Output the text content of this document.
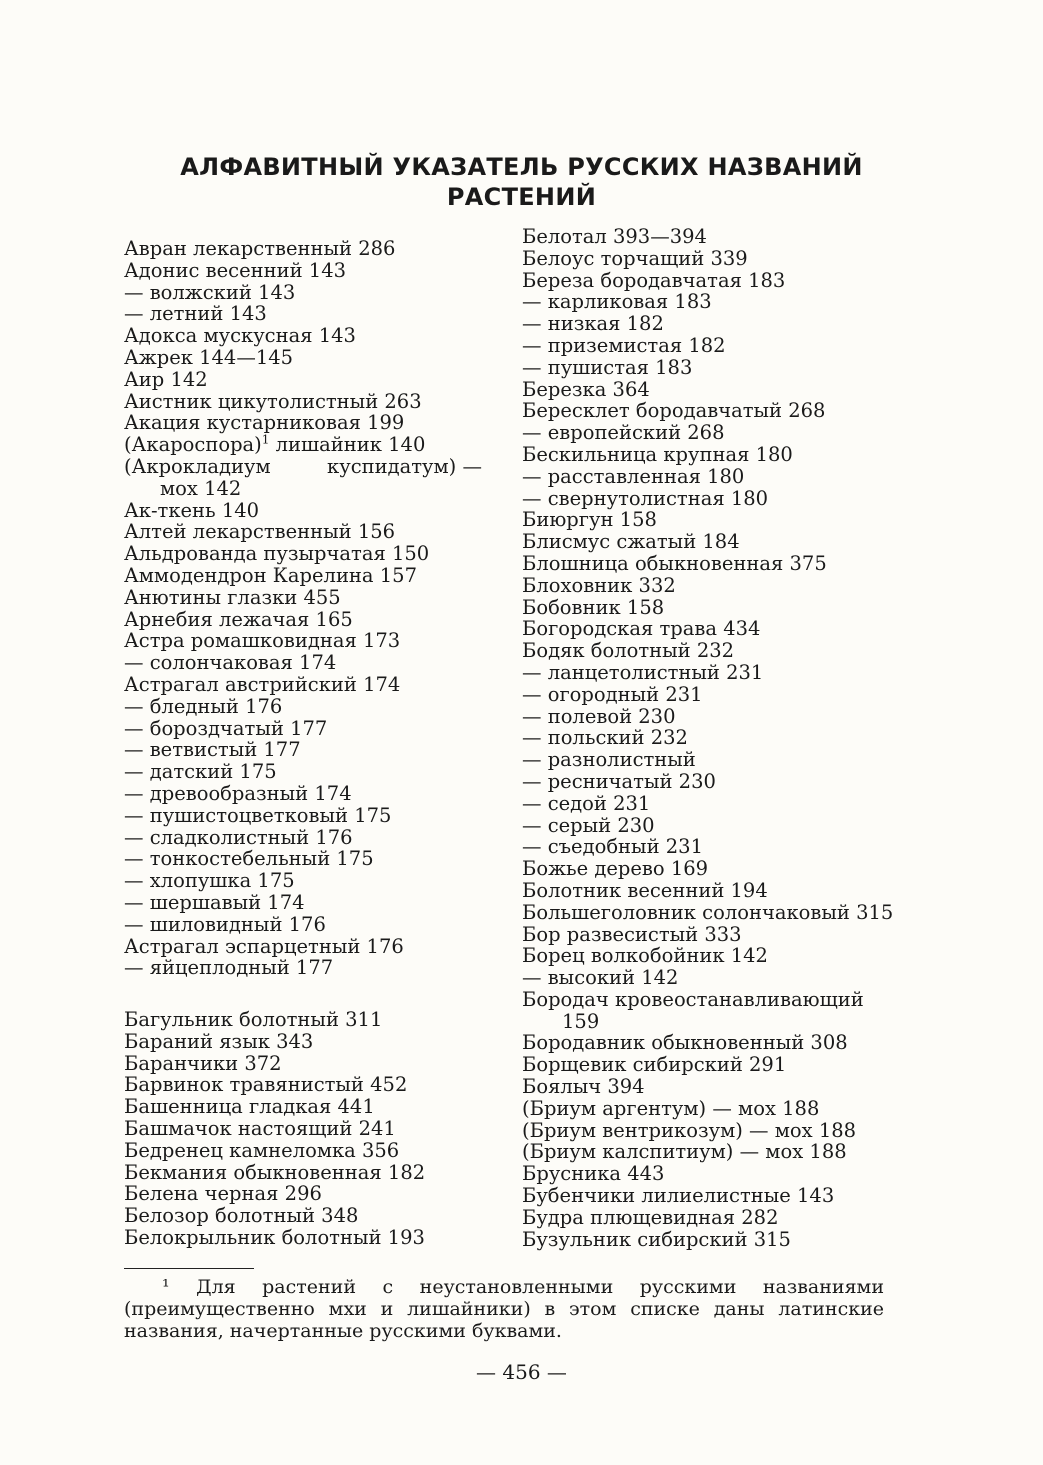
АЛФАВИТНЫЙ УКАЗАТЕЛЬ РУССКИХ НАЗВАНИЙ
РАСТЕНИЙ
Авран лекарственный 286
Адонис весенний 143
— волжский 143
— летний 143
Адокса мускусная 143
Ажрек 144—145
Аир 142
Аистник цикутолистный 263
Акация кустарниковая 199
(Акароспора)$^1$ лишайник 140
(Акрокладиум	куспидатум) —
мох 142
Ак-ткень 140
Алтей лекарственный 156
Альдрованда пузырчатая 150
Аммодендрон Карелина 157
Анютины глазки 455
Арнебия лежачая 165
Астра ромашковидная 173
— солончаковая 174
Астрагал австрийский 174
— бледный 176
— бороздчатый 177
— ветвистый 177
— датский 175
— древообразный 174
— пушистоцветковый 175
— сладколистный 176
— тонкостебельный 175
— хлопушка 175
— шершавый 174
— шиловидный 176
Астрагал эспарцетный 176
— яйцеплодный 177
Багульник болотный 311
Бараний язык 343
Баранчики 372
Барвинок травянистый 452
Башенница гладкая 441
Башмачок настоящий 241
Бедренец камнеломка 356
Бекмания обыкновенная 182
Белена черная 296
Белозор болотный 348
Белокрыльник болотный 193
Белотал 393—394
Белоус торчащий 339
Береза бородавчатая 183
— карликовая 183
— низкая 182
— приземистая 182
— пушистая 183
Березка 364
Бересклет бородавчатый 268
— европейский 268
Бескильница крупная 180
— расставленная 180
— свернутолистная 180
Биюргун 158
Блисмус сжатый 184
Блошница обыкновенная 375
Блоховник 332
Бобовник 158
Богородская трава 434
Бодяк болотный 232
— ланцетолистный 231
— огородный 231
— полевой 230
— польский 232
— разнолистный
— ресничатый 230
— седой 231
— серый 230
— съедобный 231
Божье дерево 169
Болотник весенний 194
Большеголовник солончаковый 315
Бор развесистый 333
Борец волкобойник 142
— высокий 142
Бородач кровеостанавливающий
159
Бородавник обыкновенный 308
Борщевик сибирский 291
Боялыч 394
(Бриум аргентум) — мох 188
(Бриум вентрикозум) — мох 188
(Бриум калспитиум) — мох 188
Брусника 443
Бубенчики лилиелистные 143
Будра плющевидная 282
Бузульник сибирский 315
¹ Для растений с неустановленными русскими названиями (преимущественно мхи и лишайники) в этом списке даны латинские названия, начертанные русскими буквами.
— 456 —
